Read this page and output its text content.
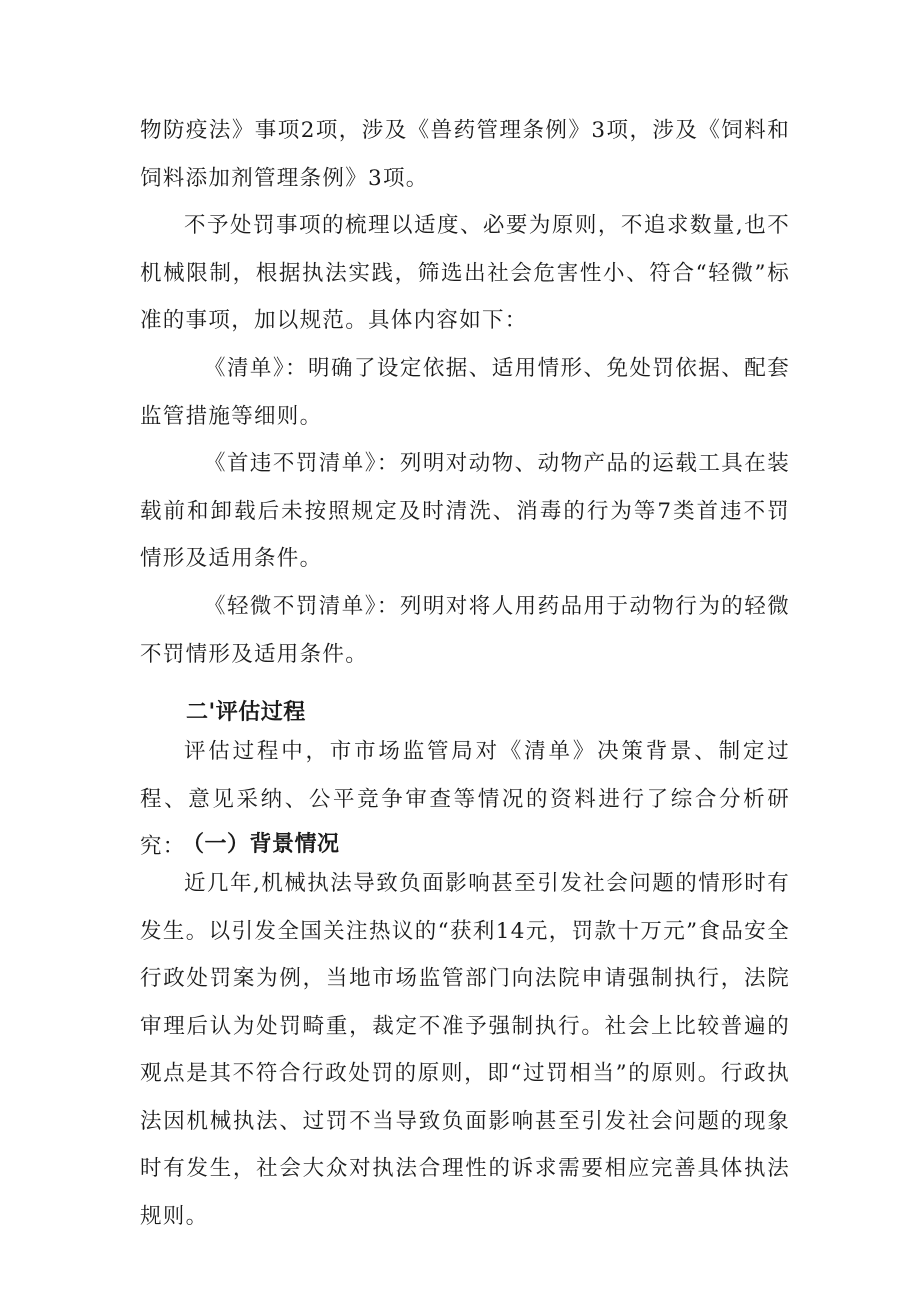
物防疫法》事项2项，涉及《兽药管理条例》3项，涉及《饲料和饲料添加剂管理条例》3项。

不予处罚事项的梳理以适度、必要为原则，不追求数量,也不机械限制，根据执法实践，筛选出社会危害性小、符合“轻微”标准的事项，加以规范。具体内容如下：

《清单》：明确了设定依据、适用情形、免处罚依据、配套监管措施等细则。

《首违不罚清单》：列明对动物、动物产品的运载工具在装载前和卸载后未按照规定及时清洗、消毒的行为等7类首违不罚情形及适用条件。

《轻微不罚清单》：列明对将人用药品用于动物行为的轻微不罚情形及适用条件。

二'评估过程

评估过程中，市市场监管局对《清单》决策背景、制定过程、意见采纳、公平竞争审查等情况的资料进行了综合分析研究：

（一）背景情况

近几年,机械执法导致负面影响甚至引发社会问题的情形时有发生。以引发全国关注热议的“获利14元，罚款十万元”食品安全行政处罚案为例，当地市场监管部门向法院申请强制执行，法院审理后认为处罚畸重，裁定不准予强制执行。社会上比较普遍的观点是其不符合行政处罚的原则，即“过罚相当”的原则。行政执法因机械执法、过罚不当导致负面影响甚至引发社会问题的现象时有发生，社会大众对执法合理性的诉求需要相应完善具体执法规则。
